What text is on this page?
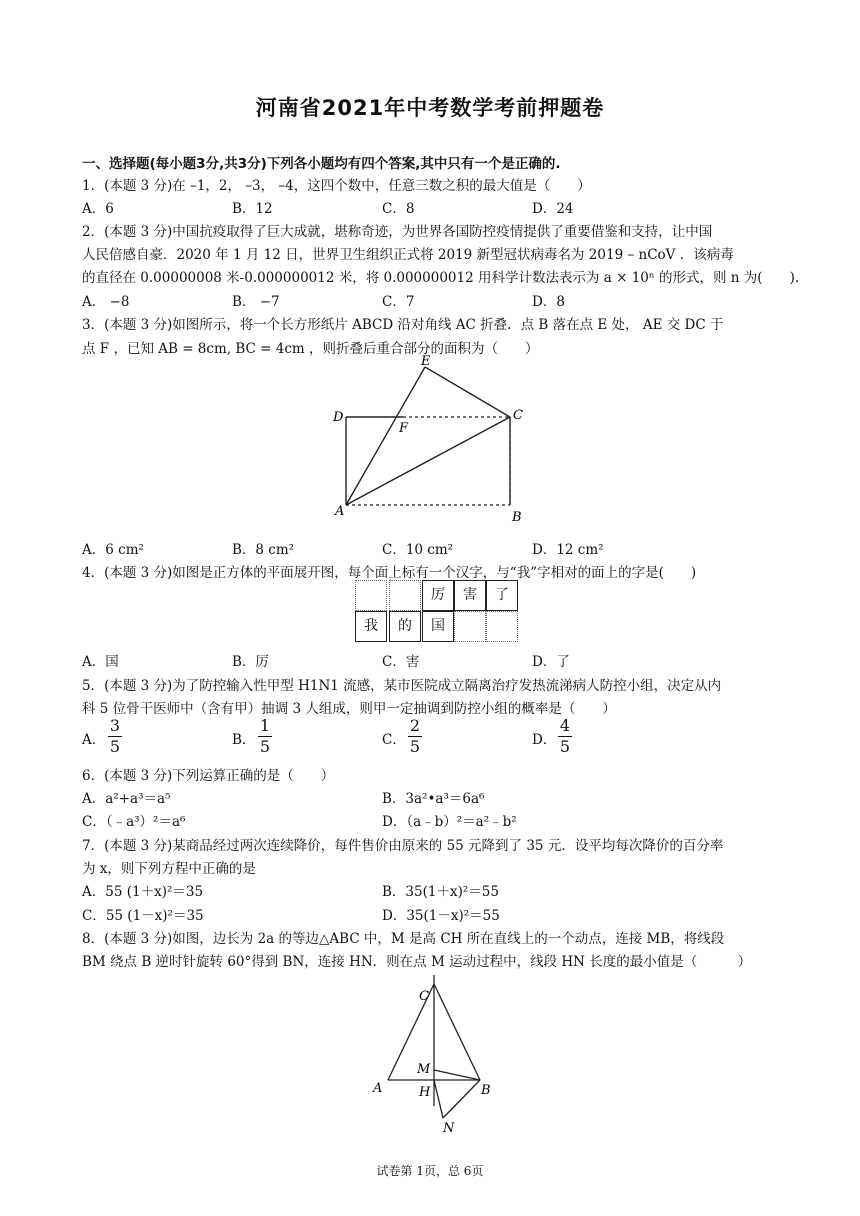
河南省2021年中考数学考前押题卷
一、选择题(每小题3分,共3分)下列各小题均有四个答案,其中只有一个是正确的.
1．(本题 3 分)在 –1，2， –3， –4，这四个数中，任意三数之积的最大值是（　　）
A．6	B．12	C．8	D．24
2．(本题 3 分)中国抗疫取得了巨大成就，堪称奇迹，为世界各国防控疫情提供了重要借鉴和支持，让中国
人民倍感自豪．2020 年 1 月 12 日，世界卫生组织正式将 2019 新型冠状病毒名为 2019 – nCoV ．该病毒
的直径在 0.00000008 米-0.000000012 米，将 0.000000012 用科学计数法表示为 a × 10ⁿ 的形式，则 n 为(　　).
A． −8	B． −7	C．7	D．8
3．(本题 3 分)如图所示，将一个长方形纸片 ABCD 沿对角线 AC 折叠．点 B 落在点 E 处， AE 交 DC 于
点 F ，已知 AB = 8cm, BC = 4cm ，则折叠后重合部分的面积为（　　）
E
D
F
C
A	B
A．6 cm²	B．8 cm²	C．10 cm²	D．12 cm²
4．(本题 3 分)如图是正方体的平面展开图，每个面上标有一个汉字，与“我”字相对的面上的字是(　　)
厉	害	了
我	的	国
A．国	B．厉	C．害	D．了
5．(本题 3 分)为了防控输入性甲型 H1N1 流感，某市医院成立隔离治疗发热流涕病人防控小组，决定从内
科 5 位骨干医师中（含有甲）抽调 3 人组成，则甲一定抽调到防控小组的概率是（　　）
A．
3
5	B．
1
5	C．
2
5	D．
4
5
6．(本题 3 分)下列运算正确的是（　　）
A．a²+a³＝a⁵	B．3a²•a³＝6a⁶
C．（﹣a³）²＝a⁶	D．（a﹣b）²＝a²﹣b²
7．(本题 3 分)某商品经过两次连续降价，每件售价由原来的 55 元降到了 35 元．设平均每次降价的百分率
为 x，则下列方程中正确的是
A．55 (1＋x)²＝35	B．35(1＋x)²＝55
C．55 (1－x)²＝35	D．35(1－x)²＝55
8．(本题 3 分)如图，边长为 2a 的等边△ABC 中，M 是高 CH 所在直线上的一个动点，连接 MB，将线段
BM 绕点 B 逆时针旋转 60°得到 BN，连接 HN．则在点 M 运动过程中，线段 HN 长度的最小值是（　　　）
C
M
A	H	B
N
试卷第 1页，总 6页
